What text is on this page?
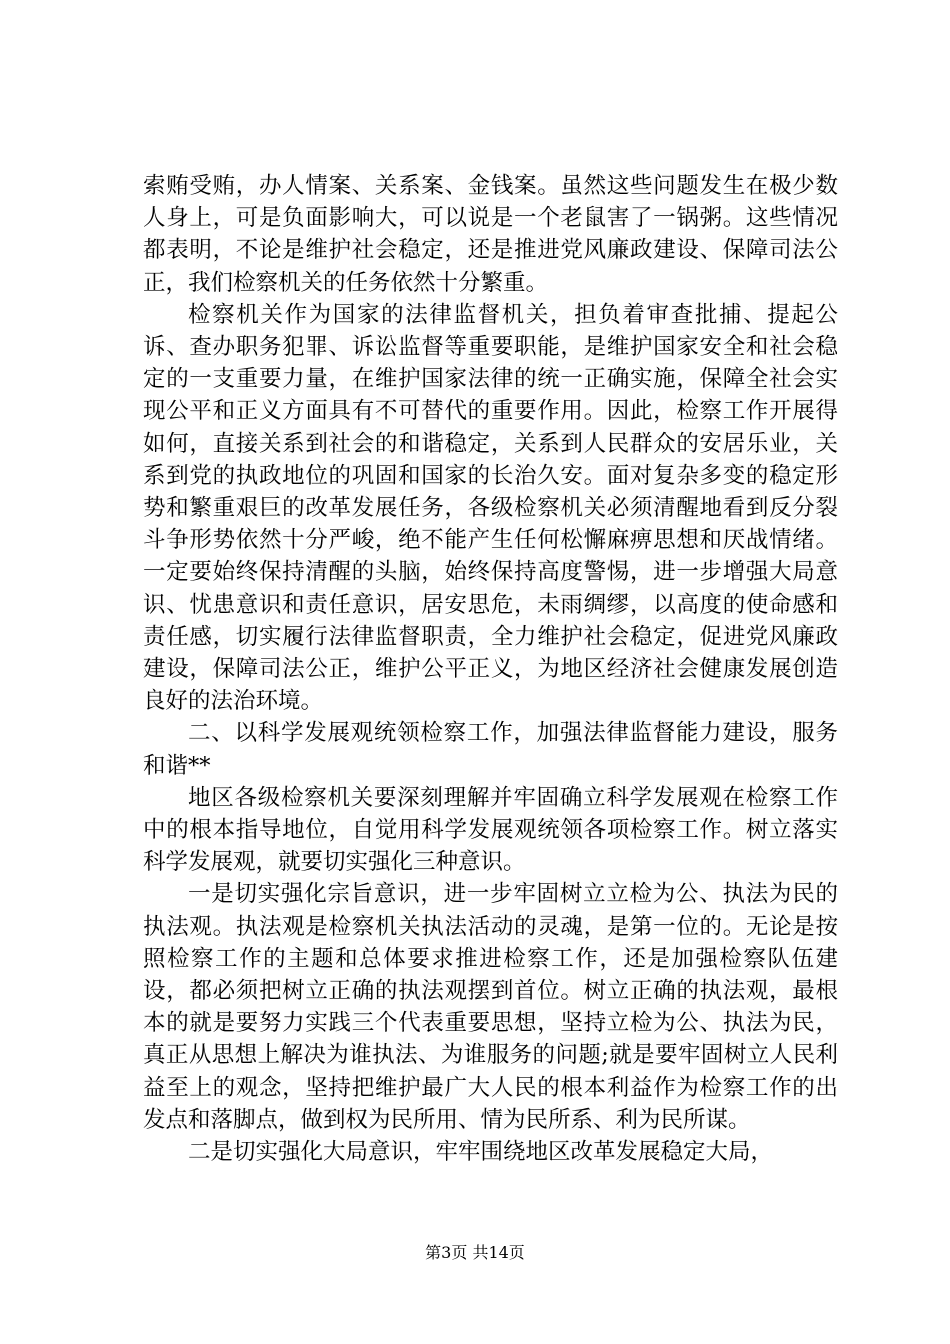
索贿受贿，办人情案、关系案、金钱案。虽然这些问题发生在极少数人身上，可是负面影响大，可以说是一个老鼠害了一锅粥。这些情况都表明，不论是维护社会稳定，还是推进党风廉政建设、保障司法公正，我们检察机关的任务依然十分繁重。

检察机关作为国家的法律监督机关，担负着审查批捕、提起公诉、查办职务犯罪、诉讼监督等重要职能，是维护国家安全和社会稳定的一支重要力量，在维护国家法律的统一正确实施，保障全社会实现公平和正义方面具有不可替代的重要作用。因此，检察工作开展得如何，直接关系到社会的和谐稳定，关系到人民群众的安居乐业，关系到党的执政地位的巩固和国家的长治久安。面对复杂多变的稳定形势和繁重艰巨的改革发展任务，各级检察机关必须清醒地看到反分裂斗争形势依然十分严峻，绝不能产生任何松懈麻痹思想和厌战情绪。一定要始终保持清醒的头脑，始终保持高度警惕，进一步增强大局意识、忧患意识和责任意识，居安思危，未雨绸缪，以高度的使命感和责任感，切实履行法律监督职责，全力维护社会稳定，促进党风廉政建设，保障司法公正，维护公平正义，为地区经济社会健康发展创造良好的法治环境。

二、以科学发展观统领检察工作，加强法律监督能力建设，服务和谐**

地区各级检察机关要深刻理解并牢固确立科学发展观在检察工作中的根本指导地位，自觉用科学发展观统领各项检察工作。树立落实科学发展观，就要切实强化三种意识。

一是切实强化宗旨意识，进一步牢固树立立检为公、执法为民的执法观。执法观是检察机关执法活动的灵魂，是第一位的。无论是按照检察工作的主题和总体要求推进检察工作，还是加强检察队伍建设，都必须把树立正确的执法观摆到首位。树立正确的执法观，最根本的就是要努力实践三个代表重要思想，坚持立检为公、执法为民，真正从思想上解决为谁执法、为谁服务的问题;就是要牢固树立人民利益至上的观念，坚持把维护最广大人民的根本利益作为检察工作的出发点和落脚点，做到权为民所用、情为民所系、利为民所谋。

二是切实强化大局意识，牢牢围绕地区改革发展稳定大局，

第3页 共14页
